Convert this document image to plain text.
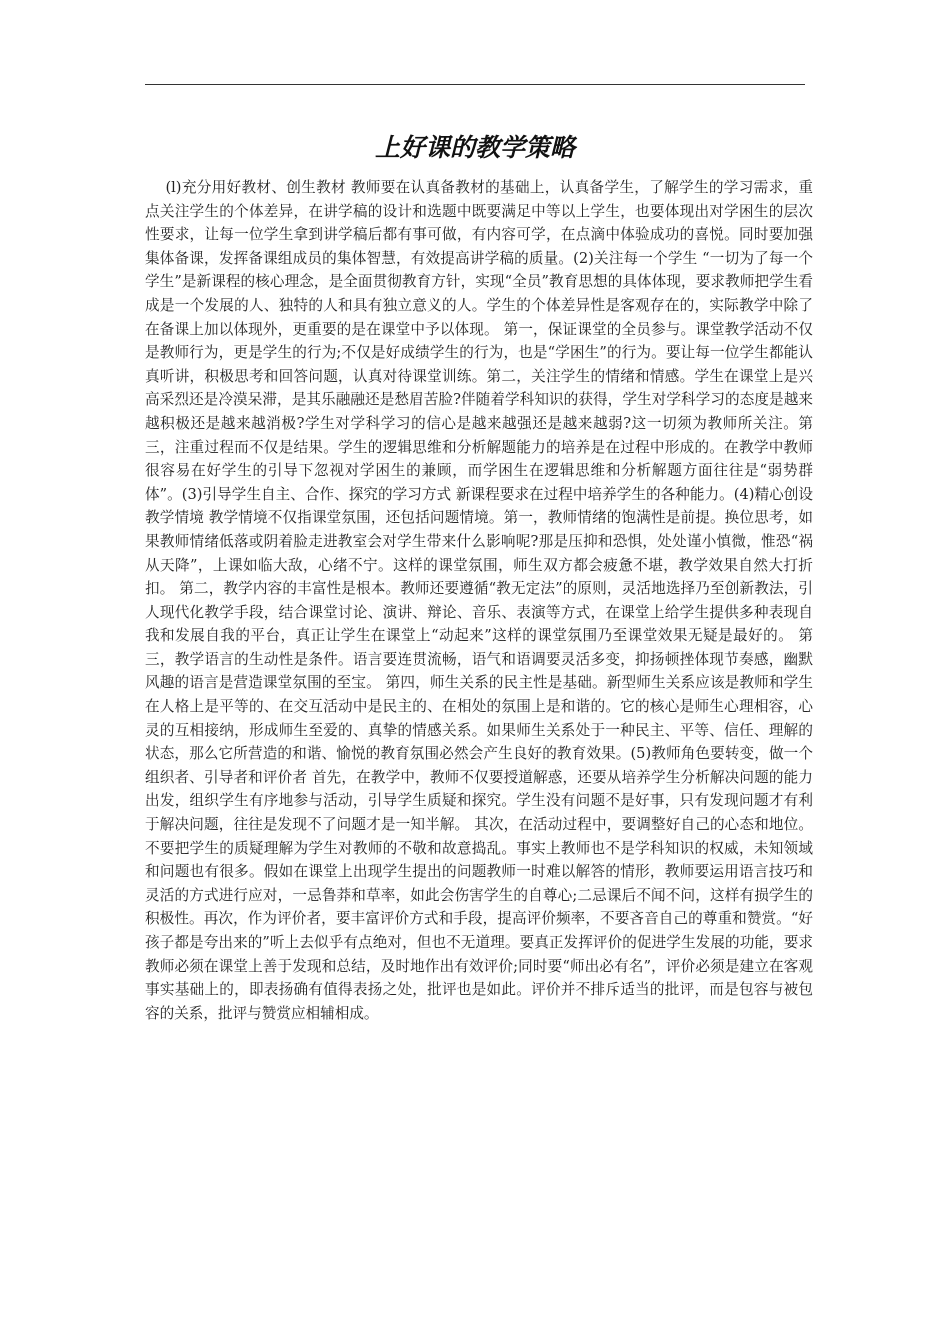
上好课的教学策略

(l)充分用好教材、创生教材 教师要在认真备教材的基础上，认真备学生，了解学生的学习需求，重点关注学生的个体差异，在讲学稿的设计和选题中既要满足中等以上学生，也要体现出对学困生的层次性要求，让每一位学生拿到讲学稿后都有事可做，有内容可学，在点滴中体验成功的喜悦。同时要加强集体备课，发挥备课组成员的集体智慧，有效提高讲学稿的质量。(2)关注每一个学生 “一切为了每一个学生”是新课程的核心理念，是全面贯彻教育方针，实现“全员”教育思想的具体体现，要求教师把学生看成是一个发展的人、独特的人和具有独立意义的人。学生的个体差异性是客观存在的，实际教学中除了在备课上加以体现外，更重要的是在课堂中予以体现。 第一，保证课堂的全员参与。课堂教学活动不仅是教师行为，更是学生的行为;不仅是好成绩学生的行为，也是“学困生”的行为。要让每一位学生都能认真听讲，积极思考和回答问题，认真对待课堂训练。第二，关注学生的情绪和情感。学生在课堂上是兴高采烈还是冷漠呆滞，是其乐融融还是愁眉苦脸?伴随着学科知识的获得，学生对学科学习的态度是越来越积极还是越来越消极?学生对学科学习的信心是越来越强还是越来越弱?这一切须为教师所关注。第三，注重过程而不仅是结果。学生的逻辑思维和分析解题能力的培养是在过程中形成的。在教学中教师很容易在好学生的引导下忽视对学困生的兼顾，而学困生在逻辑思维和分析解题方面往往是“弱势群体”。(3)引导学生自主、合作、探究的学习方式 新课程要求在过程中培养学生的各种能力。(4)精心创设教学情境 教学情境不仅指课堂氛围，还包括问题情境。第一，教师情绪的饱满性是前提。换位思考，如果教师情绪低落或阴着脸走进教室会对学生带来什么影响呢?那是压抑和恐惧，处处谨小慎微，惟恐“祸从天降”，上课如临大敌，心绪不宁。这样的课堂氛围，师生双方都会疲惫不堪，教学效果自然大打折扣。 第二，教学内容的丰富性是根本。教师还要遵循“教无定法”的原则，灵活地选择乃至创新教法，引人现代化教学手段，结合课堂讨论、演讲、辩论、音乐、表演等方式，在课堂上给学生提供多种表现自我和发展自我的平台，真正让学生在课堂上“动起来”这样的课堂氛围乃至课堂效果无疑是最好的。 第三，教学语言的生动性是条件。语言要连贯流畅，语气和语调要灵活多变，抑扬顿挫体现节奏感，幽默风趣的语言是营造课堂氛围的至宝。 第四，师生关系的民主性是基础。新型师生关系应该是教师和学生在人格上是平等的、在交互活动中是民主的、在相处的氛围上是和谐的。它的核心是师生心理相容，心灵的互相接纳，形成师生至爱的、真挚的情感关系。如果师生关系处于一种民主、平等、信任、理解的状态，那么它所营造的和谐、愉悦的教育氛围必然会产生良好的教育效果。(5)教师角色要转变，做一个组织者、引导者和评价者 首先，在教学中，教师不仅要授道解惑，还要从培养学生分析解决问题的能力出发，组织学生有序地参与活动，引导学生质疑和探究。学生没有问题不是好事，只有发现问题才有利于解决问题，往往是发现不了问题才是一知半解。 其次，在活动过程中，要调整好自己的心态和地位。不要把学生的质疑理解为学生对教师的不敬和故意捣乱。事实上教师也不是学科知识的权威，未知领域和问题也有很多。假如在课堂上出现学生提出的问题教师一时难以解答的情形，教师要运用语言技巧和灵活的方式进行应对，一忌鲁莽和草率，如此会伤害学生的自尊心;二忌课后不闻不问，这样有损学生的积极性。再次，作为评价者，要丰富评价方式和手段，提高评价频率，不要吝音自己的尊重和赞赏。“好孩子都是夸出来的”听上去似乎有点绝对，但也不无道理。要真正发挥评价的促进学生发展的功能，要求教师必须在课堂上善于发现和总结，及时地作出有效评价;同时要“师出必有名”，评价必须是建立在客观事实基础上的，即表扬确有值得表扬之处，批评也是如此。评价并不排斥适当的批评，而是包容与被包容的关系，批评与赞赏应相辅相成。
